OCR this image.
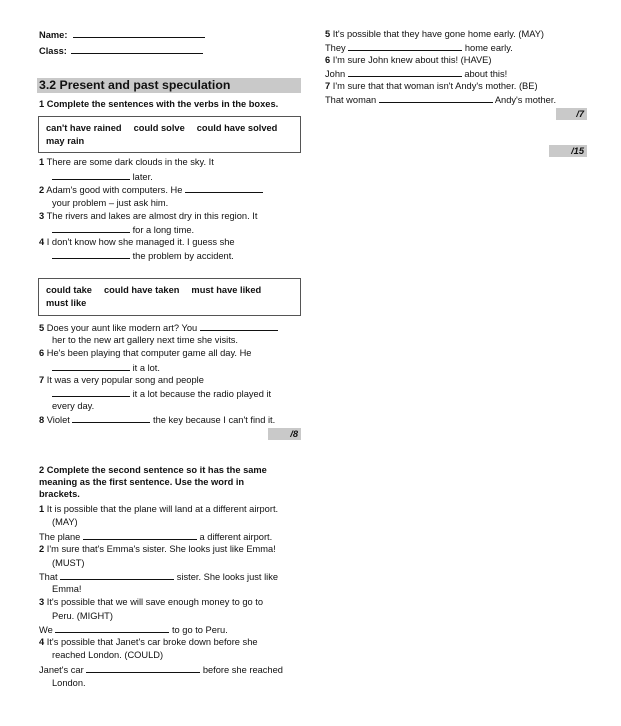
Name:
Class:
3.2 Present and past speculation
1 Complete the sentences with the verbs in the boxes.
can't have rained could solve could have solved
may rain
could take could have taken must have liked
must like
/8
2 Complete the second sentence so it has the same
meaning as the first sentence. Use the word in
brackets.
/7
/15
1 There are some dark clouds in the sky. It
later.
2 Adam's good with computers. He
your problem – just ask him.
3 The rivers and lakes are almost dry in this region. It
for a long time.
4 I don't know how she managed it. I guess she
the problem by accident.
5 Does your aunt like modern art? You
her to the new art gallery next time she visits.
6 He's been playing that computer game all day. He
it a lot.
7 It was a very popular song and people
it a lot because the radio played it
every day.
8 Violet	the key because I can't find it.
1 It is possible that the plane will land at a different airport.
(MAY)
The plane	a different airport.
2 I'm sure that's Emma's sister. She looks just like Emma!
(MUST)
That	sister. She looks just like
Emma!
3 It's possible that we will save enough money to go to
Peru. (MIGHT)
We	to go to Peru.
4 It's possible that Janet's car broke down before she
reached London. (COULD)
Janet's car	before she reached
London.
5 It's possible that they have gone home early. (MAY)
They	home early.
6 I'm sure John knew about this! (HAVE)
John	about this!
7 I'm sure that that woman isn't Andy's mother. (BE)
That woman	Andy's mother.
